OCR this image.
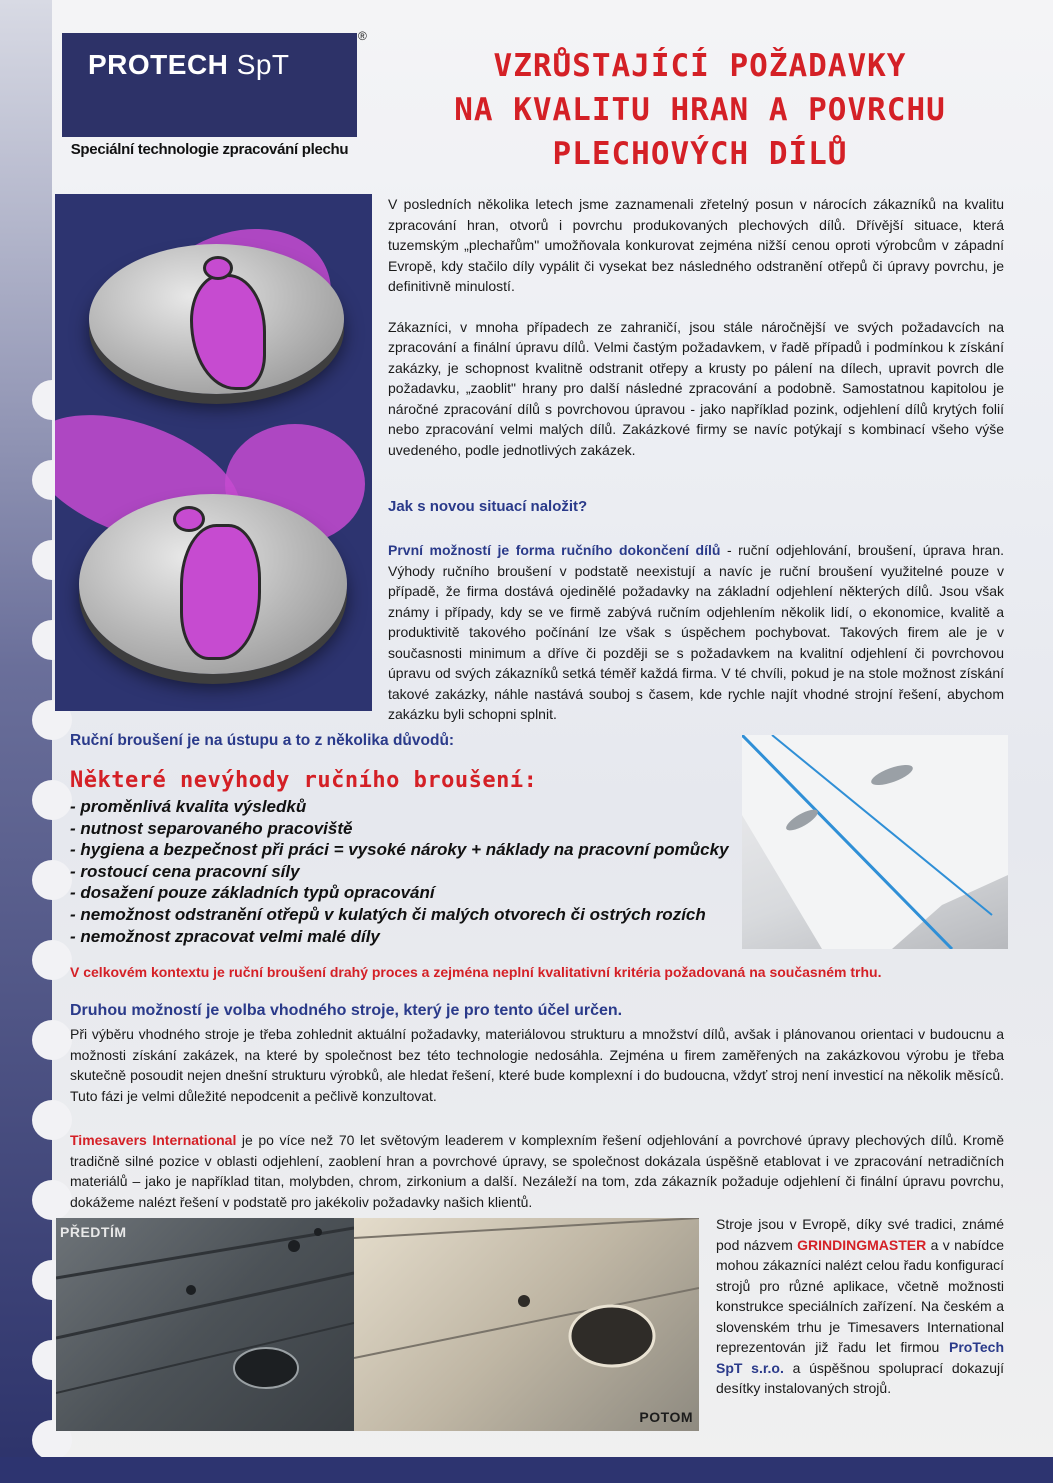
PROTECH SpT
®
Speciální technologie zpracování plechu
VZRŮSTAJÍCÍ POŽADAVKY
NA KVALITU HRAN A POVRCHU
PLECHOVÝCH DÍLŮ

V posledních několika letech jsme zaznamenali zřetelný posun v nárocích zákazníků na kvalitu zpracování hran, otvorů i povrchu produkovaných plechových dílů. Dřívější situace, která tuzemským „plechařům" umožňovala konkurovat zejména nižší cenou oproti výrobcům v západní Evropě, kdy stačilo díly vypálit či vysekat bez následného odstranění otřepů či úpravy povrchu, je definitivně minulostí.

Zákazníci, v mnoha případech ze zahraničí, jsou stále náročnější ve svých požadavcích na zpracování a finální úpravu dílů. Velmi častým požadavkem, v řadě případů i podmínkou k získání zakázky, je schopnost kvalitně odstranit otřepy a krusty po pálení na dílech, upravit povrch dle požadavku, „zaoblit" hrany pro další následné zpracování a podobně. Samostatnou kapitolou je náročné zpracování dílů s povrchovou úpravou - jako například pozink, odjehlení dílů krytých folií nebo zpracování velmi malých dílů. Zakázkové firmy se navíc potýkají s kombinací všeho výše uvedeného, podle jednotlivých zakázek.

Jak s novou situací naložit?

První možností je forma ručního dokončení dílů - ruční odjehlování, broušení, úprava hran. Výhody ručního broušení v podstatě neexistují a navíc je ruční broušení využitelné pouze v případě, že firma dostává ojedinělé požadavky na základní odjehlení některých dílů. Jsou však známy i případy, kdy se ve firmě zabývá ručním odjehlením několik lidí, o ekonomice, kvalitě a produktivitě takového počínání lze však s úspěchem pochybovat. Takových firem ale je v současnosti minimum a dříve či později se s požadavkem na kvalitní odjehlení či povrchovou úpravu od svých zákazníků setká téměř každá firma. V té chvíli, pokud je na stole možnost získání takové zakázky, náhle nastává souboj s časem, kde rychle najít vhodné strojní řešení, abychom zakázku byli schopni splnit.

Ruční broušení je na ústupu a to z několika důvodů:
Některé nevýhody ručního broušení:
- proměnlivá kvalita výsledků
- nutnost separovaného pracoviště
- hygiena a bezpečnost při práci = vysoké nároky + náklady na pracovní pomůcky
- rostoucí cena pracovní síly
- dosažení pouze základních typů opracování
- nemožnost odstranění otřepů v kulatých či malých otvorech či ostrých rozích
- nemožnost zpracovat velmi malé díly
V celkovém kontextu je ruční broušení drahý proces a zejména neplní kvalitativní kritéria požadovaná na současném trhu.
Druhou možností je volba vhodného stroje, který je pro tento účel určen.

Při výběru vhodného stroje je třeba zohlednit aktuální požadavky, materiálovou strukturu a množství dílů, avšak i plánovanou orientaci v budoucnu a možnosti získání zakázek, na které by společnost bez této technologie nedosáhla. Zejména u firem zaměřených na zakázkovou výrobu je třeba skutečně posoudit nejen dnešní strukturu výrobků, ale hledat řešení, které bude komplexní i do budoucna, vždyť stroj není investicí na několik měsíců. Tuto fázi je velmi důležité nepodcenit a pečlivě konzultovat.

Timesavers International je po více než 70 let světovým leaderem v komplexním řešení odjehlování a povrchové úpravy plechových dílů. Kromě tradičně silné pozice v oblasti odjehlení, zaoblení hran a povrchové úpravy, se společnost dokázala úspěšně etablovat i ve zpracování netradičních materiálů – jako je například titan, molybden, chrom, zirkonium a další. Nezáleží na tom, zda zákazník požaduje odjehlení či finální úpravu povrchu, dokážeme nalézt řešení v podstatě pro jakékoliv požadavky našich klientů.

PŘEDTÍM
POTOM

Stroje jsou v Evropě, díky své tradici, známé pod názvem GRINDINGMASTER a v nabídce mohou zákazníci nalézt celou řadu konfigurací strojů pro různé aplikace, včetně možnosti konstrukce speciálních zařízení. Na českém a slovenském trhu je Timesavers International reprezentován již řadu let firmou ProTech SpT s.r.o. a úspěšnou spoluprací dokazují desítky instalovaných strojů.
